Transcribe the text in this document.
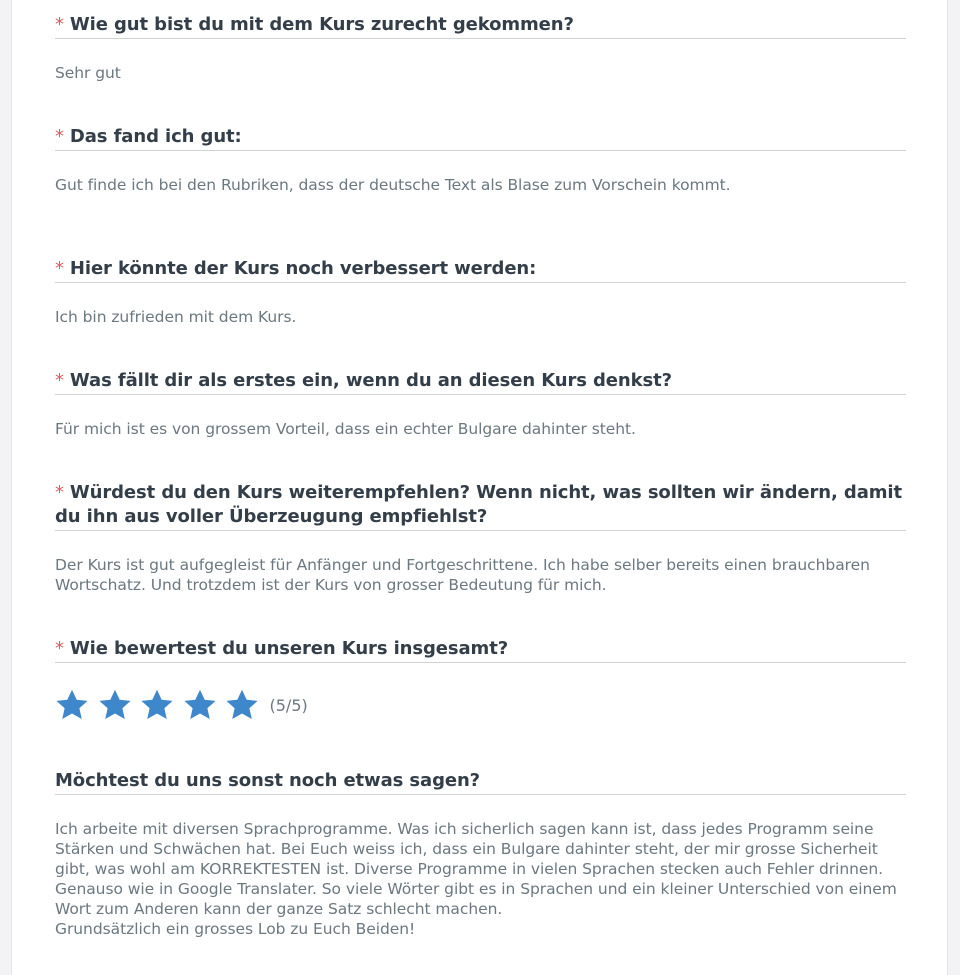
* Wie gut bist du mit dem Kurs zurecht gekommen?
Sehr gut
* Das fand ich gut:
Gut finde ich bei den Rubriken, dass der deutsche Text als Blase zum Vorschein kommt.
* Hier könnte der Kurs noch verbessert werden:
Ich bin zufrieden mit dem Kurs.
* Was fällt dir als erstes ein, wenn du an diesen Kurs denkst?
Für mich ist es von grossem Vorteil, dass ein echter Bulgare dahinter steht.
* Würdest du den Kurs weiterempfehlen? Wenn nicht, was sollten wir ändern, damit du ihn aus voller Überzeugung empfiehlst?
Der Kurs ist gut aufgegleist für Anfänger und Fortgeschrittene. Ich habe selber bereits einen brauchbaren Wortschatz. Und trotzdem ist der Kurs von grosser Bedeutung für mich.
* Wie bewertest du unseren Kurs insgesamt?
(5/5)
Möchtest du uns sonst noch etwas sagen?
Ich arbeite mit diversen Sprachprogramme. Was ich sicherlich sagen kann ist, dass jedes Programm seine Stärken und Schwächen hat. Bei Euch weiss ich, dass ein Bulgare dahinter steht, der mir grosse Sicherheit gibt, was wohl am KORREKTESTEN ist. Diverse Programme in vielen Sprachen stecken auch Fehler drinnen. Genauso wie in Google Translater. So viele Wörter gibt es in Sprachen und ein kleiner Unterschied von einem Wort zum Anderen kann der ganze Satz schlecht machen.
Grundsätzlich ein grosses Lob zu Euch Beiden!
